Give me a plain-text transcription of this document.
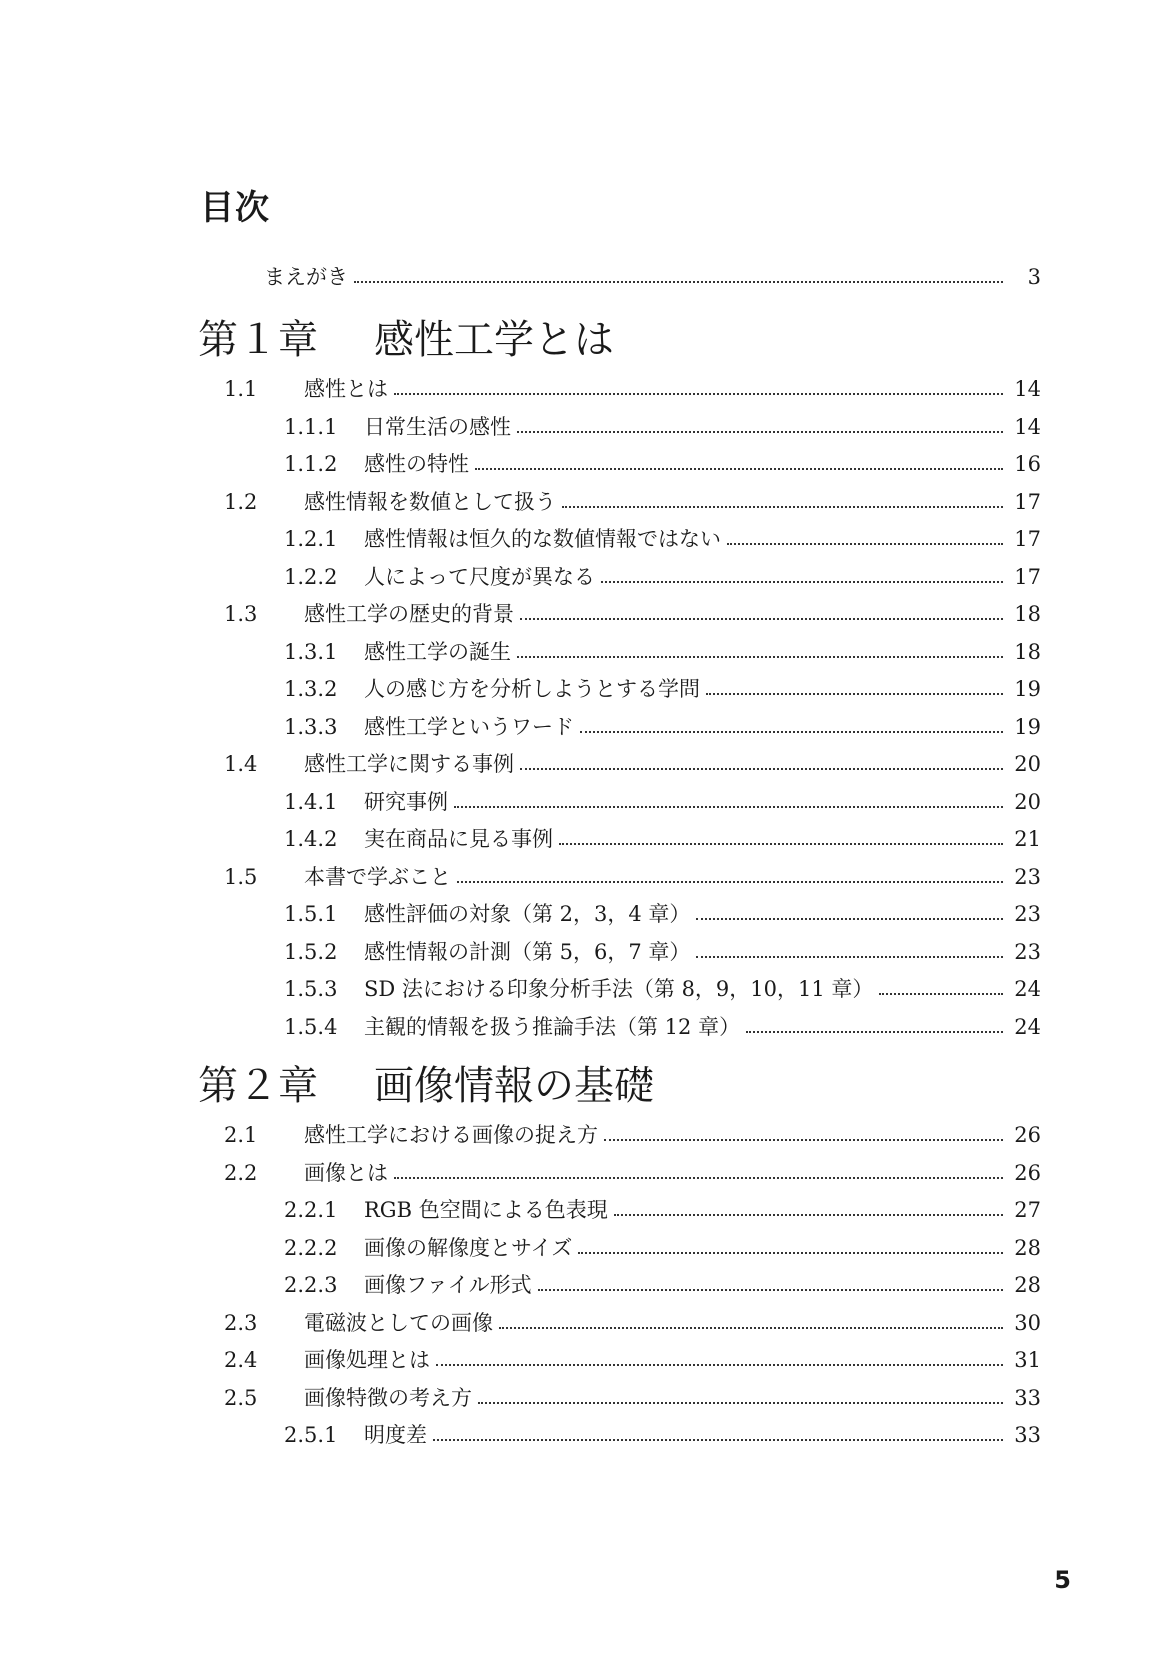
目次
まえがき	3
第１章 感性工学とは
1.1 感性とは	14
1.1.1 日常生活の感性	14
1.1.2 感性の特性	16
1.2 感性情報を数値として扱う	17
1.2.1 感性情報は恒久的な数値情報ではない	17
1.2.2 人によって尺度が異なる	17
1.3 感性工学の歴史的背景	18
1.3.1 感性工学の誕生	18
1.3.2 人の感じ方を分析しようとする学問	19
1.3.3 感性工学というワード	19
1.4 感性工学に関する事例	20
1.4.1 研究事例	20
1.4.2 実在商品に見る事例	21
1.5 本書で学ぶこと	23
1.5.1 感性評価の対象（第 2，3，4 章）	23
1.5.2 感性情報の計測（第 5，6，7 章）	23
1.5.3 SD 法における印象分析手法（第 8，9，10，11 章）	24
1.5.4 主観的情報を扱う推論手法（第 12 章）	24
第２章 画像情報の基礎
2.1 感性工学における画像の捉え方	26
2.2 画像とは	26
2.2.1 RGB 色空間による色表現	27
2.2.2 画像の解像度とサイズ	28
2.2.3 画像ファイル形式	28
2.3 電磁波としての画像	30
2.4 画像処理とは	31
2.5 画像特徴の考え方	33
2.5.1 明度差	33
5
